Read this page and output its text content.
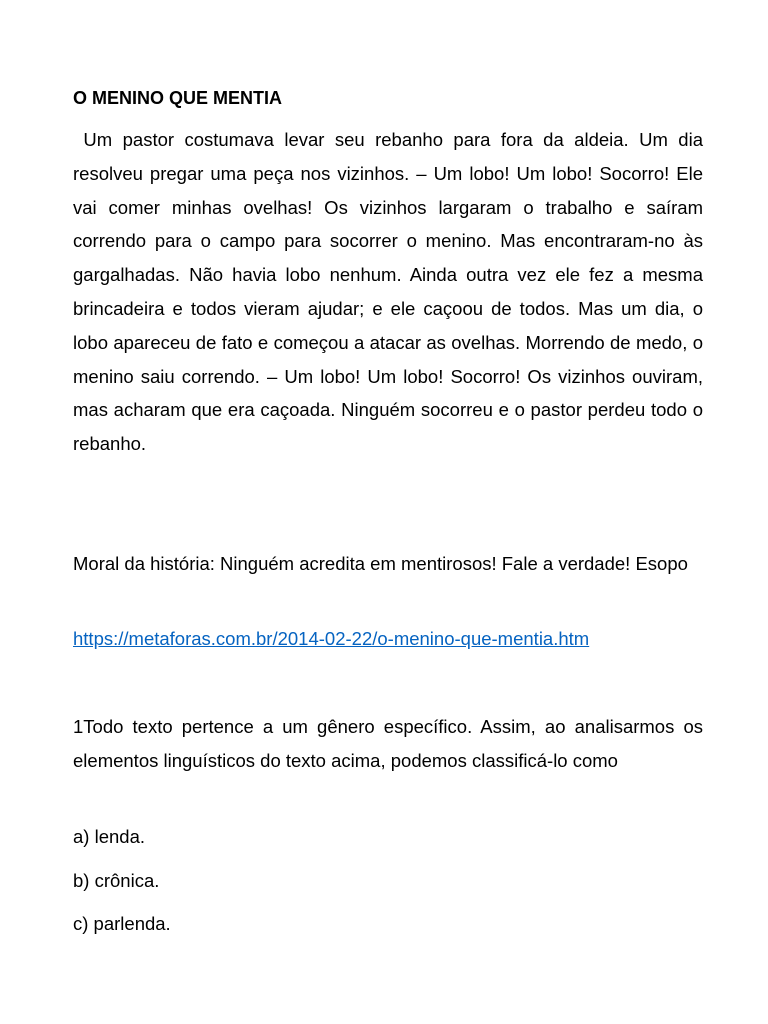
O MENINO QUE MENTIA

Um pastor costumava levar seu rebanho para fora da aldeia. Um dia resolveu pregar uma peça nos vizinhos. – Um lobo! Um lobo! Socorro! Ele vai comer minhas ovelhas! Os vizinhos largaram o trabalho e saíram correndo para o campo para socorrer o menino. Mas encontraram-no às gargalhadas. Não havia lobo nenhum. Ainda outra vez ele fez a mesma brincadeira e todos vieram ajudar; e ele caçoou de todos. Mas um dia, o lobo apareceu de fato e começou a atacar as ovelhas. Morrendo de medo, o menino saiu correndo. – Um lobo! Um lobo! Socorro! Os vizinhos ouviram, mas acharam que era caçoada. Ninguém socorreu e o pastor perdeu todo o rebanho.

Moral da história: Ninguém acredita em mentirosos! Fale a verdade! Esopo

https://metaforas.com.br/2014-02-22/o-menino-que-mentia.htm

1Todo texto pertence a um gênero específico. Assim, ao analisarmos os elementos linguísticos do texto acima, podemos classificá-lo como

a) lenda.

b) crônica.

c) parlenda.
